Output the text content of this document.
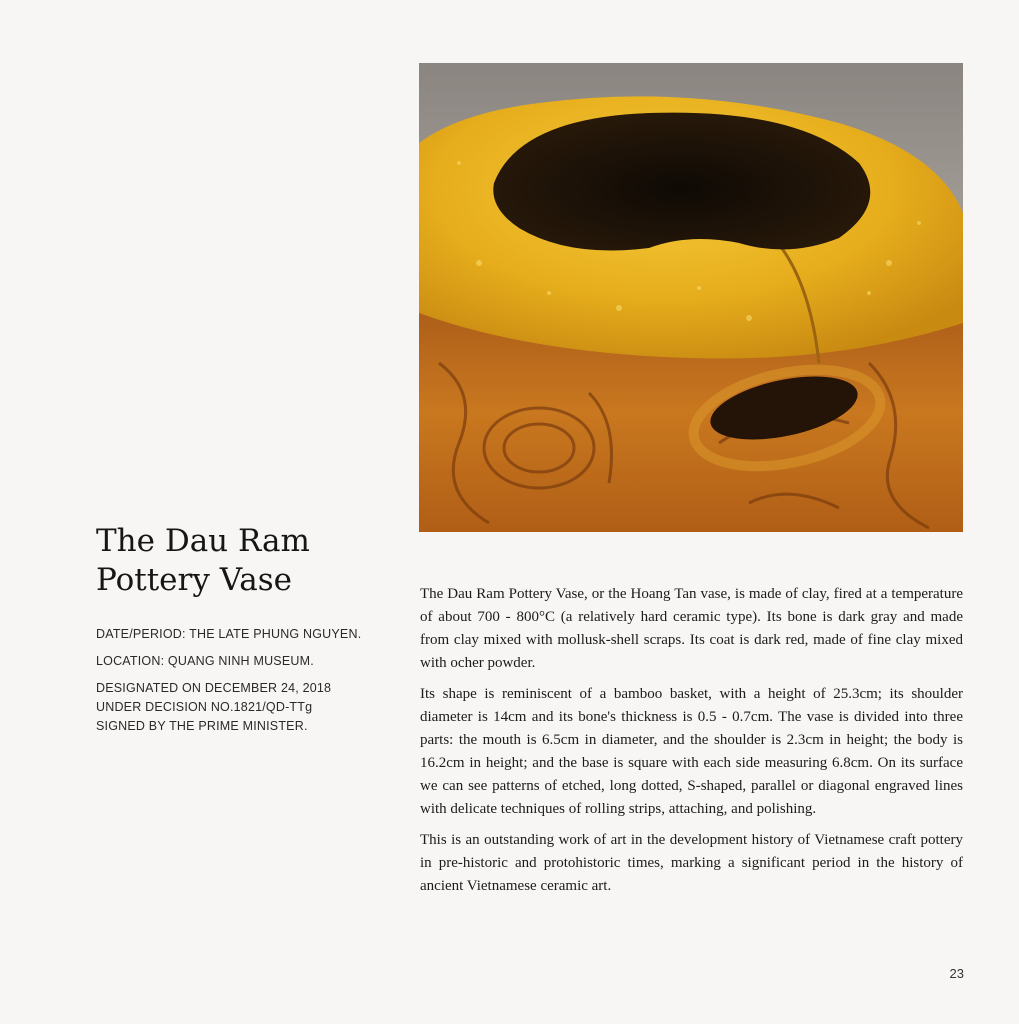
The Dau Ram
Pottery Vase
DATE/PERIOD: THE LATE PHUNG NGUYEN.
LOCATION: QUANG NINH MUSEUM.
DESIGNATED ON DECEMBER 24, 2018
UNDER DECISION NO.1821/QD-TTg
SIGNED BY THE PRIME MINISTER.

The Dau Ram Pottery Vase, or the Hoang Tan vase, is made of clay, fired at a temperature of about 700 - 800°C (a relatively hard ceramic type). Its bone is dark gray and made from clay mixed with mollusk-shell scraps. Its coat is dark red, made of fine clay mixed with ocher powder.

Its shape is reminiscent of a bamboo basket, with a height of 25.3cm; its shoulder diameter is 14cm and its bone's thickness is 0.5 - 0.7cm. The vase is divided into three parts: the mouth is 6.5cm in diameter, and the shoulder is 2.3cm in height; the body is 16.2cm in height; and the base is square with each side measuring 6.8cm. On its surface we can see patterns of etched, long dotted, S-shaped, parallel or diagonal engraved lines with delicate techniques of rolling strips, attaching, and polishing.

This is an outstanding work of art in the development history of Vietnamese craft pottery in pre-historic and protohistoric times, marking a significant period in the history of ancient Vietnamese ceramic art.

23
